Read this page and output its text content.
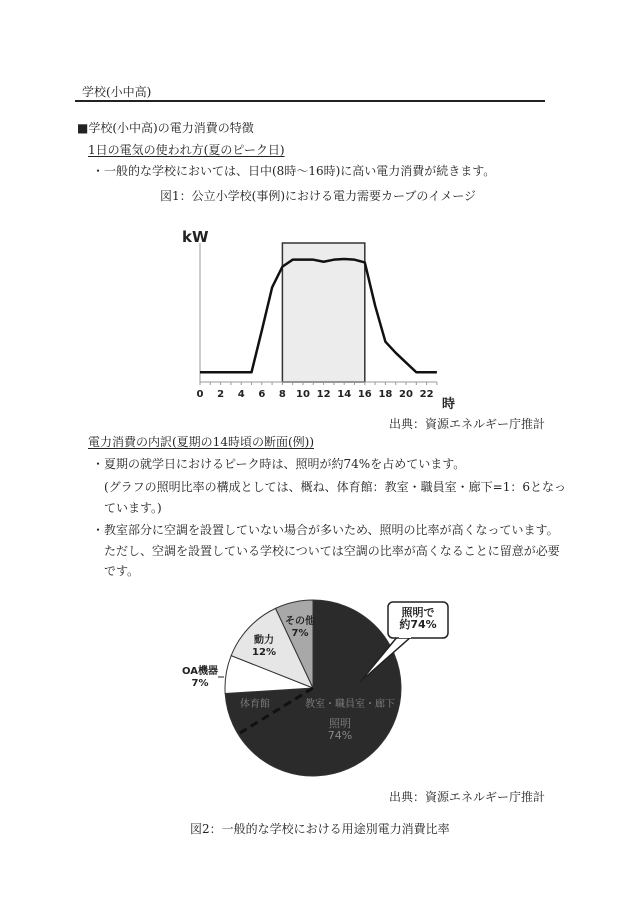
学校(小中高)
■学校(小中高)の電力消費の特徴
1日の電気の使われ方(夏のピーク日)
・一般的な学校においては、日中(8時〜16時)に高い電力消費が続きます。
図1：公立小学校(事例)における電力需要カーブのイメージ
kW
時
0 2 4 6 8 10 12 14 16 18 20 22
出典：資源エネルギー庁推計
電力消費の内訳(夏期の14時頃の断面(例))
・夏期の就学日におけるピーク時は、照明が約74%を占めています。
(グラフの照明比率の構成としては、概ね、体育館：教室・職員室・廊下=1：6となっ
ています。)
・教室部分に空調を設置していない場合が多いため、照明の比率が高くなっています。
ただし、空調を設置している学校については空調の比率が高くなることに留意が必要
です。
照明で
約74%
その他
7%
動力
12%
OA機器
7%
体育館	教室・職員室・廊下
照明
74%
出典：資源エネルギー庁推計
図2：一般的な学校における用途別電力消費比率
